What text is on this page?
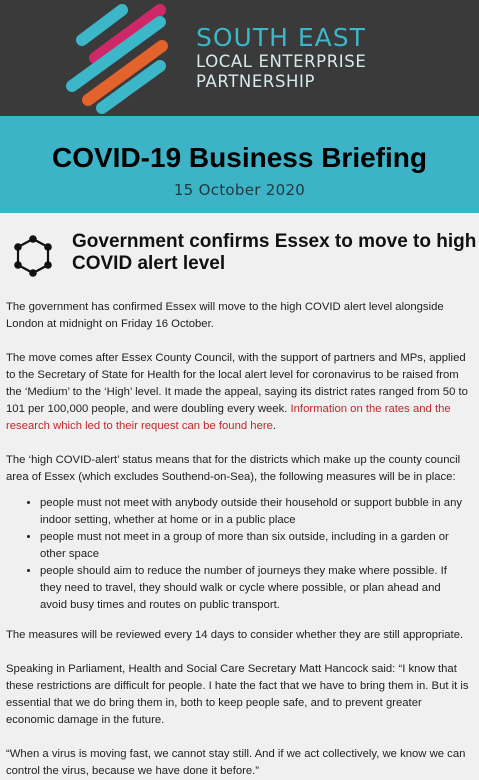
SOUTH EAST
LOCAL ENTERPRISE
PARTNERSHIP
COVID-19 Business Briefing
15 October 2020
Government confirms Essex to move to high COVID alert level

The government has confirmed Essex will move to the high COVID alert level alongside London at midnight on Friday 16 October.

The move comes after Essex County Council, with the support of partners and MPs, applied to the Secretary of State for Health for the local alert level for coronavirus to be raised from the ‘Medium’ to the ‘High’ level. It made the appeal, saying its district rates ranged from 50 to 101 per 100,000 people, and were doubling every week. Information on the rates and the research which led to their request can be found here.

The ‘high COVID-alert’ status means that for the districts which make up the county council area of Essex (which excludes Southend-on-Sea), the following measures will be in place:

• people must not meet with anybody outside their household or support bubble in any indoor setting, whether at home or in a public place
• people must not meet in a group of more than six outside, including in a garden or other space
• people should aim to reduce the number of journeys they make where possible. If they need to travel, they should walk or cycle where possible, or plan ahead and avoid busy times and routes on public transport.

The measures will be reviewed every 14 days to consider whether they are still appropriate.

Speaking in Parliament, Health and Social Care Secretary Matt Hancock said: “I know that these restrictions are difficult for people. I hate the fact that we have to bring them in. But it is essential that we do bring them in, both to keep people safe, and to prevent greater economic damage in the future.

“When a virus is moving fast, we cannot stay still. And if we act collectively, we know we can control the virus, because we have done it before.”
